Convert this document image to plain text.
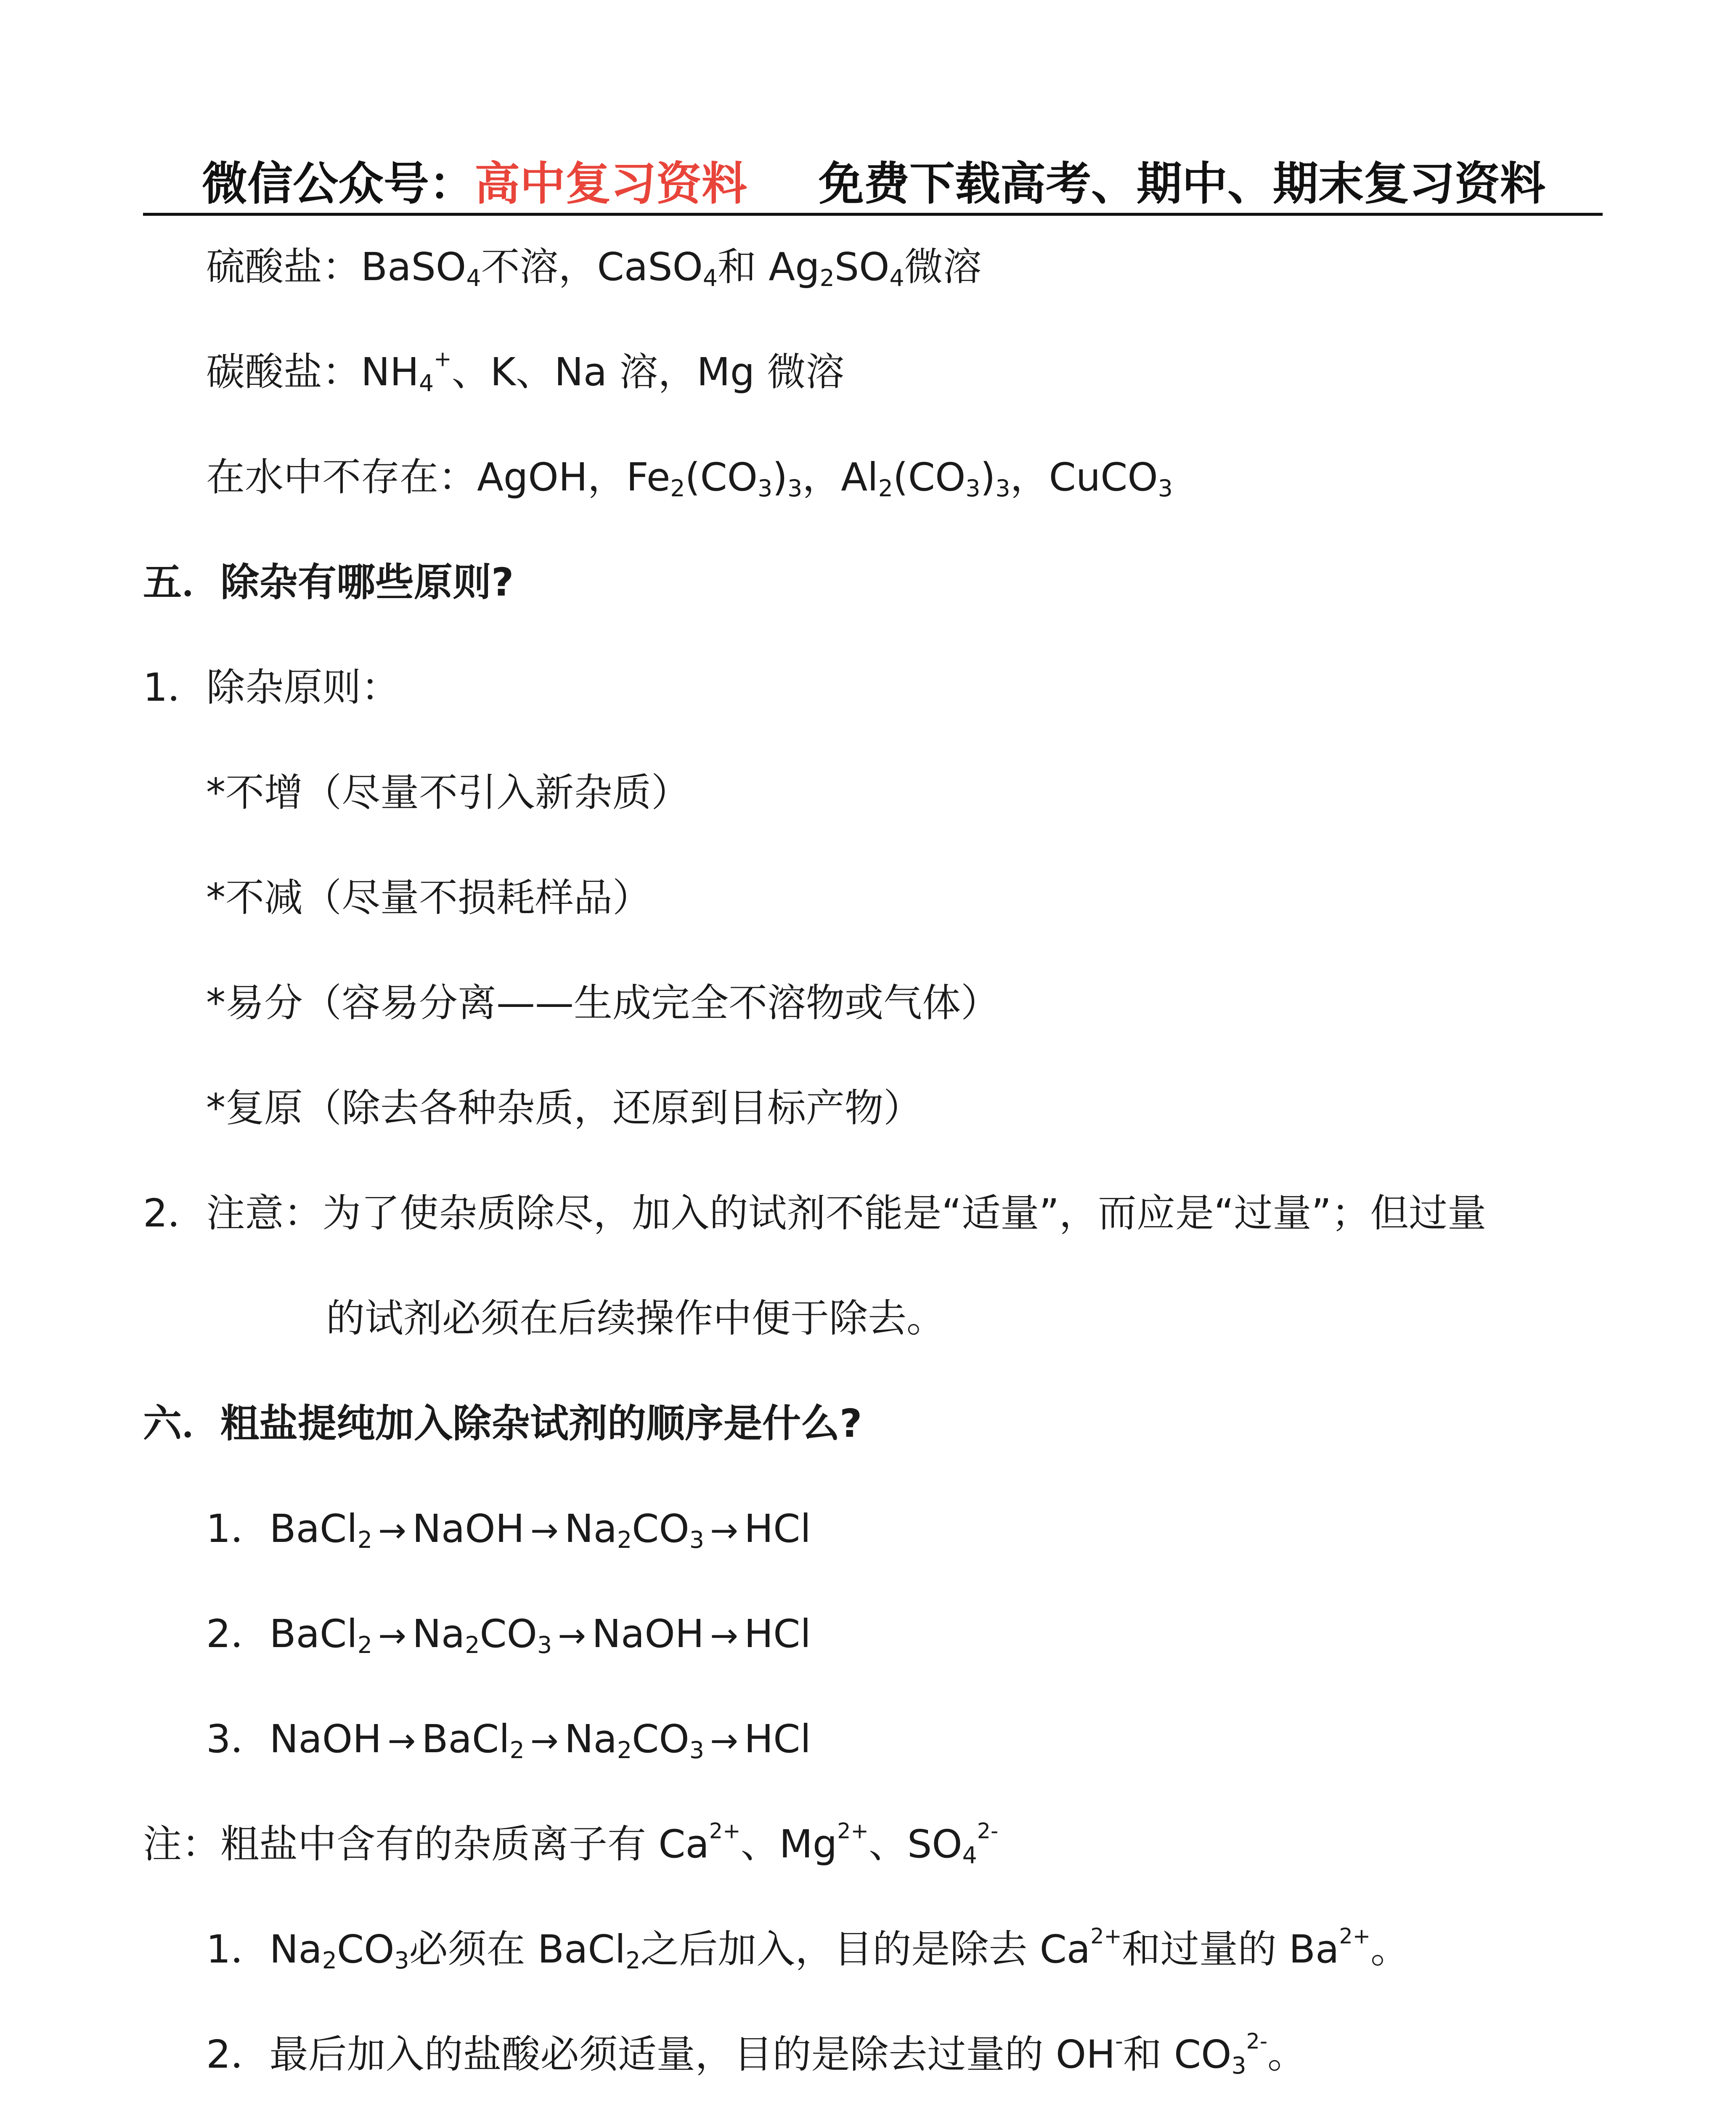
微信公众号：高中复习资料 免费下载高考、期中、期末复习资料
硫酸盐：BaSO$_4$不溶，CaSO$_4$和 $Ag_2SO_4$微溶
碳酸盐：$NH_4^+$、K、Na 溶，Mg 微溶
在水中不存在：AgOH，$Fe_2(CO_3)_3$，$Al_2(CO_3)_3$，CuCO$_3$
五．除杂有哪些原则?
1．除杂原则：
*不增（尽量不引入新杂质）
*不减（尽量不损耗样品）
*易分（容易分离——生成完全不溶物或气体）
*复原（除去各种杂质，还原到目标产物）
2．注意：为了使杂质除尽，加入的试剂不能是“适量”，而应是“过量”；但过量
的试剂必须在后续操作中便于除去。
六．粗盐提纯加入除杂试剂的顺序是什么?
1．BaCl$_2$ → NaOH → $Na_2CO_3$ → HCl
2．BaCl$_2$ → $Na_2CO_3$ → NaOH → HCl
3．NaOH → BaCl$_2$ → $Na_2CO_3$ → HCl
注：粗盐中含有的杂质离子有 $Ca^{2+}$、$Mg^{2+}$、$SO_4^{2-}$
1．$Na_2CO_3$必须在 BaCl$_2$之后加入，目的是除去 $Ca^{2+}$和过量的 $Ba^{2+}$。
2．最后加入的盐酸必须适量，目的是除去过量的 OH-和 $CO_3^{2-}$。
